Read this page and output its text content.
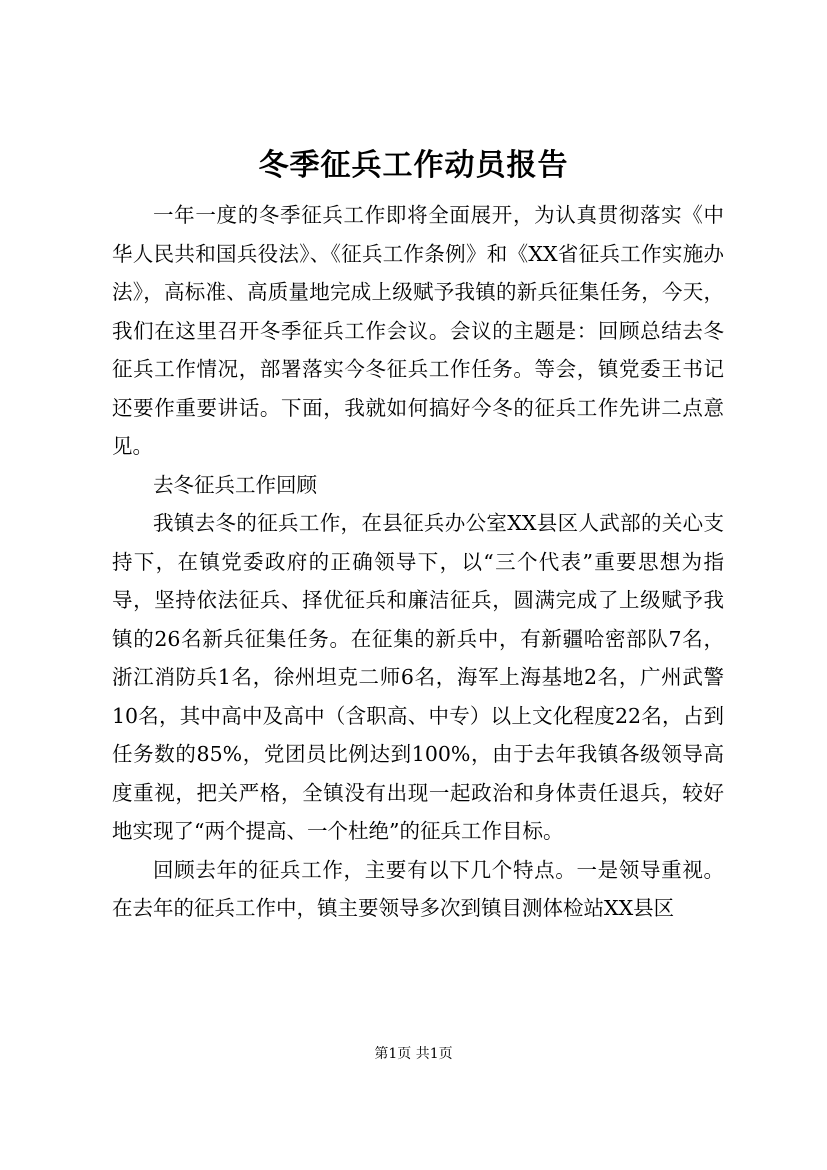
冬季征兵工作动员报告

一年一度的冬季征兵工作即将全面展开，为认真贯彻落实《中华人民共和国兵役法》、《征兵工作条例》和《XX省征兵工作实施办法》，高标准、高质量地完成上级赋予我镇的新兵征集任务，今天，我们在这里召开冬季征兵工作会议。会议的主题是：回顾总结去冬征兵工作情况，部署落实今冬征兵工作任务。等会，镇党委王书记还要作重要讲话。下面，我就如何搞好今冬的征兵工作先讲二点意见。

去冬征兵工作回顾

我镇去冬的征兵工作，在县征兵办公室XX县区人武部的关心支持下，在镇党委政府的正确领导下，以“三个代表”重要思想为指导，坚持依法征兵、择优征兵和廉洁征兵，圆满完成了上级赋予我镇的26名新兵征集任务。在征集的新兵中，有新疆哈密部队7名，浙江消防兵1名，徐州坦克二师6名，海军上海基地2名，广州武警10名，其中高中及高中（含职高、中专）以上文化程度22名，占到任务数的85%，党团员比例达到100%，由于去年我镇各级领导高度重视，把关严格，全镇没有出现一起政治和身体责任退兵，较好地实现了“两个提高、一个杜绝”的征兵工作目标。

回顾去年的征兵工作，主要有以下几个特点。一是领导重视。在去年的征兵工作中，镇主要领导多次到镇目测体检站XX县区

第1页 共1页
